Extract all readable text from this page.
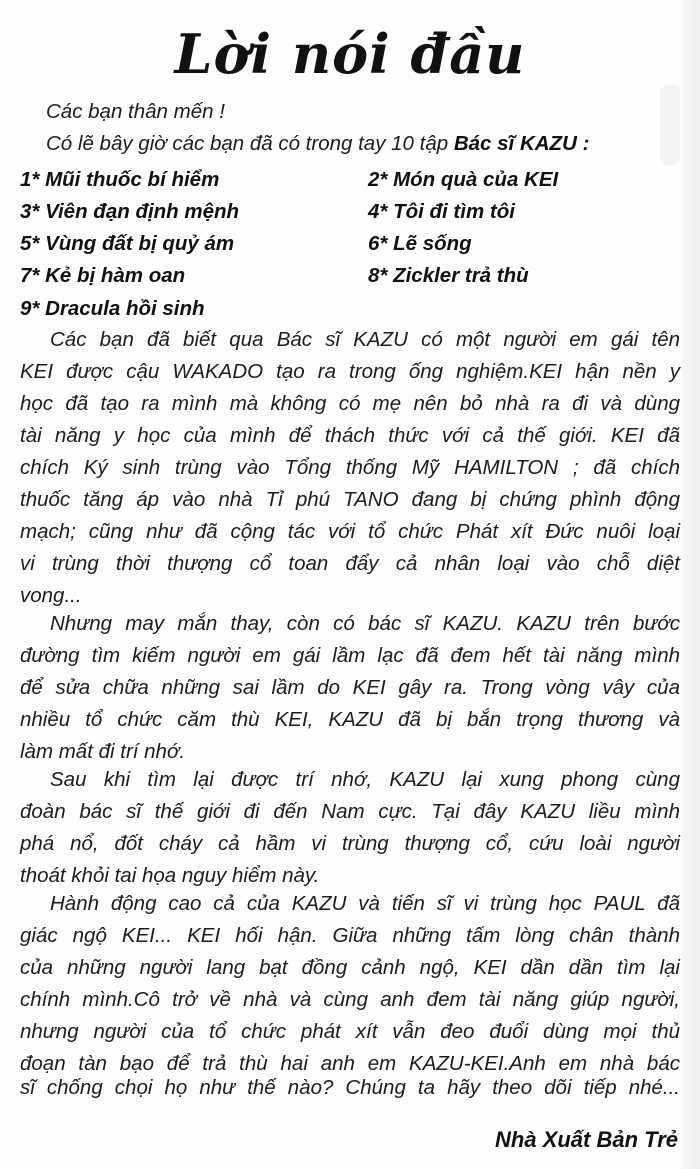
Lời nói đầu

Các bạn thân mến !

Có lẽ bây giờ các bạn đã có trong tay 10 tập Bác sĩ KAZU :

1* Mũi thuốc bí hiểm	2* Món quà của KEI
3* Viên đạn định mệnh	4* Tôi đi tìm tôi
5* Vùng đất bị quỷ ám	6* Lẽ sống
7* Kẻ bị hàm oan	8* Zickler trả thù
9* Dracula hồi sinh

Các bạn đã biết qua Bác sĩ KAZU có một người em gái tên

KEI được cậu WAKADO tạo ra trong ống nghiệm.KEI hận nền y

học đã tạo ra mình mà không có mẹ nên bỏ nhà ra đi và dùng

tài năng y học của mình để thách thức với cả thế giới. KEI đã

chích Ký sinh trùng vào Tổng thống Mỹ HAMILTON ; đã chích

thuốc tăng áp vào nhà Tỉ phú TANO đang bị chứng phình động

mạch; cũng như đã cộng tác với tổ chức Phát xít Đức nuôi loại

vi trùng thời thượng cổ toan đẩy cả nhân loại vào chỗ diệt

vong...

Nhưng may mắn thay, còn có bác sĩ KAZU. KAZU trên bước

đường tìm kiếm người em gái lầm lạc đã đem hết tài năng mình

để sửa chữa những sai lầm do KEI gây ra. Trong vòng vây của

nhiều tổ chức căm thù KEI, KAZU đã bị bắn trọng thương và

làm mất đi trí nhớ.

Sau khi tìm lại được trí nhớ, KAZU lại xung phong cùng

đoàn bác sĩ thế giới đi đến Nam cực. Tại đây KAZU liều mình

phá nổ, đốt cháy cả hầm vi trùng thượng cổ, cứu loài người

thoát khỏi tai họa nguy hiểm này.

Hành động cao cả của KAZU và tiến sĩ vi trùng học PAUL đã

giác ngộ KEI... KEI hối hận. Giữa những tấm lòng chân thành

của những người lang bạt đồng cảnh ngộ, KEI dần dần tìm lại

chính mình.Cô trở về nhà và cùng anh đem tài năng giúp người,

nhưng người của tổ chức phát xít vẫn đeo đuổi dùng mọi thủ

đoạn tàn bạo để trả thù hai anh em KAZU-KEI.Anh em nhà bác

sĩ chống chọi họ như thế nào? Chúng ta hãy theo dõi tiếp nhé...

Nhà Xuất Bản Trẻ
